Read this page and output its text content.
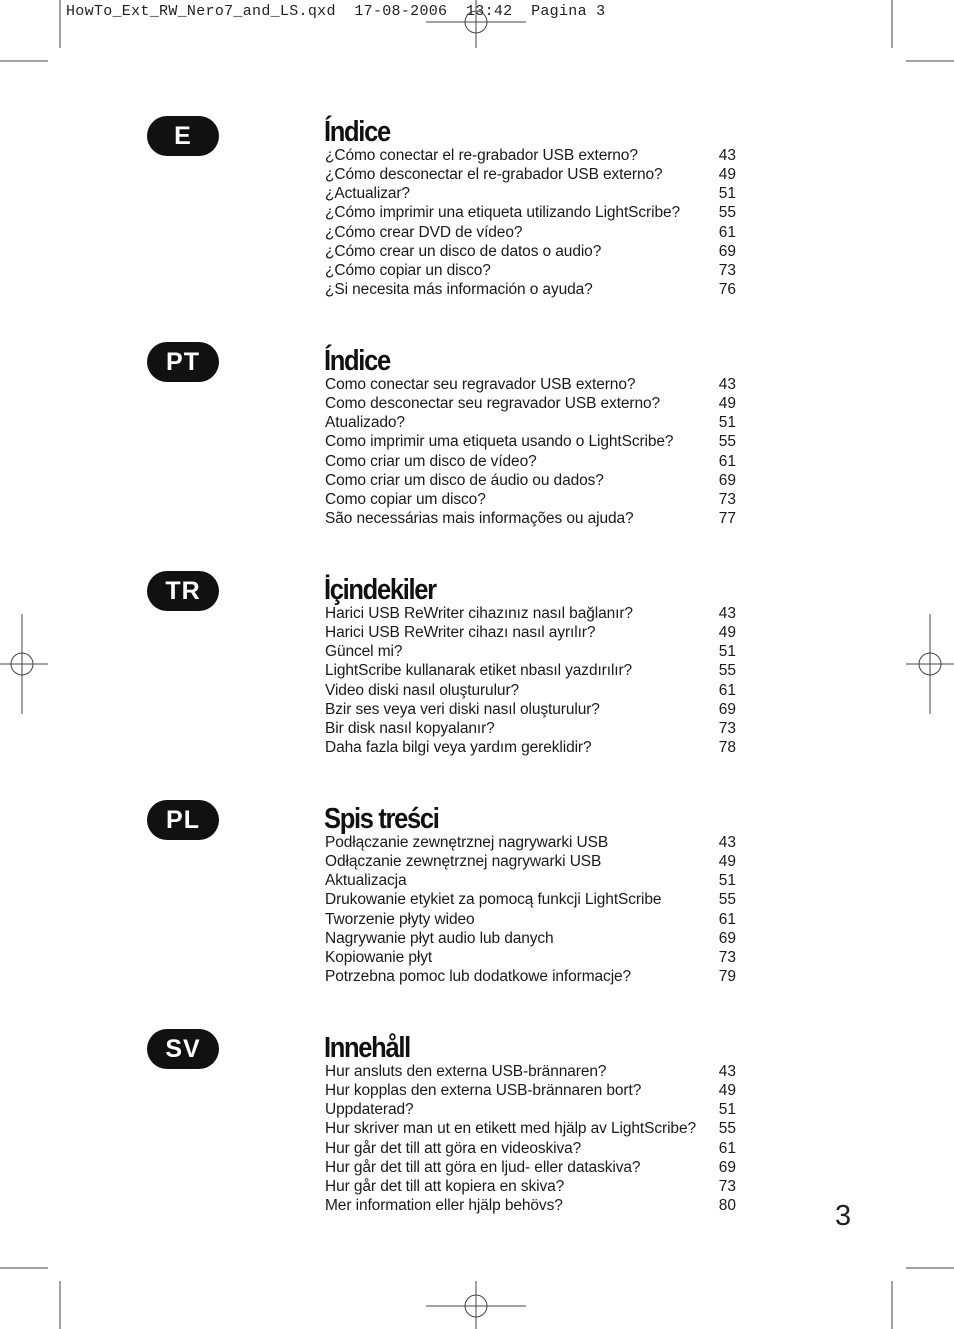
HowTo_Ext_RW_Nero7_and_LS.qxd  17-08-2006  13:42  Pagina 3
E	Índice
¿Cómo conectar el re-grabador USB externo?	43
¿Cómo desconectar el re-grabador USB externo?	49
¿Actualizar?	51
¿Cómo imprimir una etiqueta utilizando LightScribe? 55
¿Cómo crear DVD de vídeo?	61
¿Cómo crear un disco de datos o audio?	69
¿Cómo copiar un disco?	73
¿Si necesita más información o ayuda?	76
PT	Índice
Como conectar seu regravador USB externo?	43
Como desconectar seu regravador USB externo?	49
Atualizado?	51
Como imprimir uma etiqueta usando o LightScribe?	55
Como criar um disco de vídeo?	61
Como criar um disco de áudio ou dados?	69
Como copiar um disco?	73
São necessárias mais informações ou ajuda?	77
TR	İçindekiler
Harici USB ReWriter cihazınız nasıl bağlanır?	43
Harici USB ReWriter cihazı nasıl ayrılır?	49
Güncel mi?	51
LightScribe kullanarak etiket nbasıl yazdırılır?	55
Video diski nasıl oluşturulur?	61
Bzir ses veya veri diski nasıl oluşturulur?	69
Bir disk nasıl kopyalanır?	73
Daha fazla bilgi veya yardım gereklidir?	78
PL	Spis treści
Podłączanie zewnętrznej nagrywarki USB	43
Odłączanie zewnętrznej nagrywarki USB	49
Aktualizacja	51
Drukowanie etykiet za pomocą funkcji LightScribe	55
Tworzenie płyty wideo	61
Nagrywanie płyt audio lub danych	69
Kopiowanie płyt	73
Potrzebna pomoc lub dodatkowe informacje?	79
SV	Innehåll
Hur ansluts den externa USB-brännaren?	43
Hur kopplas den externa USB-brännaren bort?	49
Uppdaterad?	51
Hur skriver man ut en etikett med hjälp av LightScribe? 55
Hur går det till att göra en videoskiva?	61
Hur går det till att göra en ljud- eller dataskiva?	69
Hur går det till att kopiera en skiva?	73
Mer information eller hjälp behövs?	80	3
